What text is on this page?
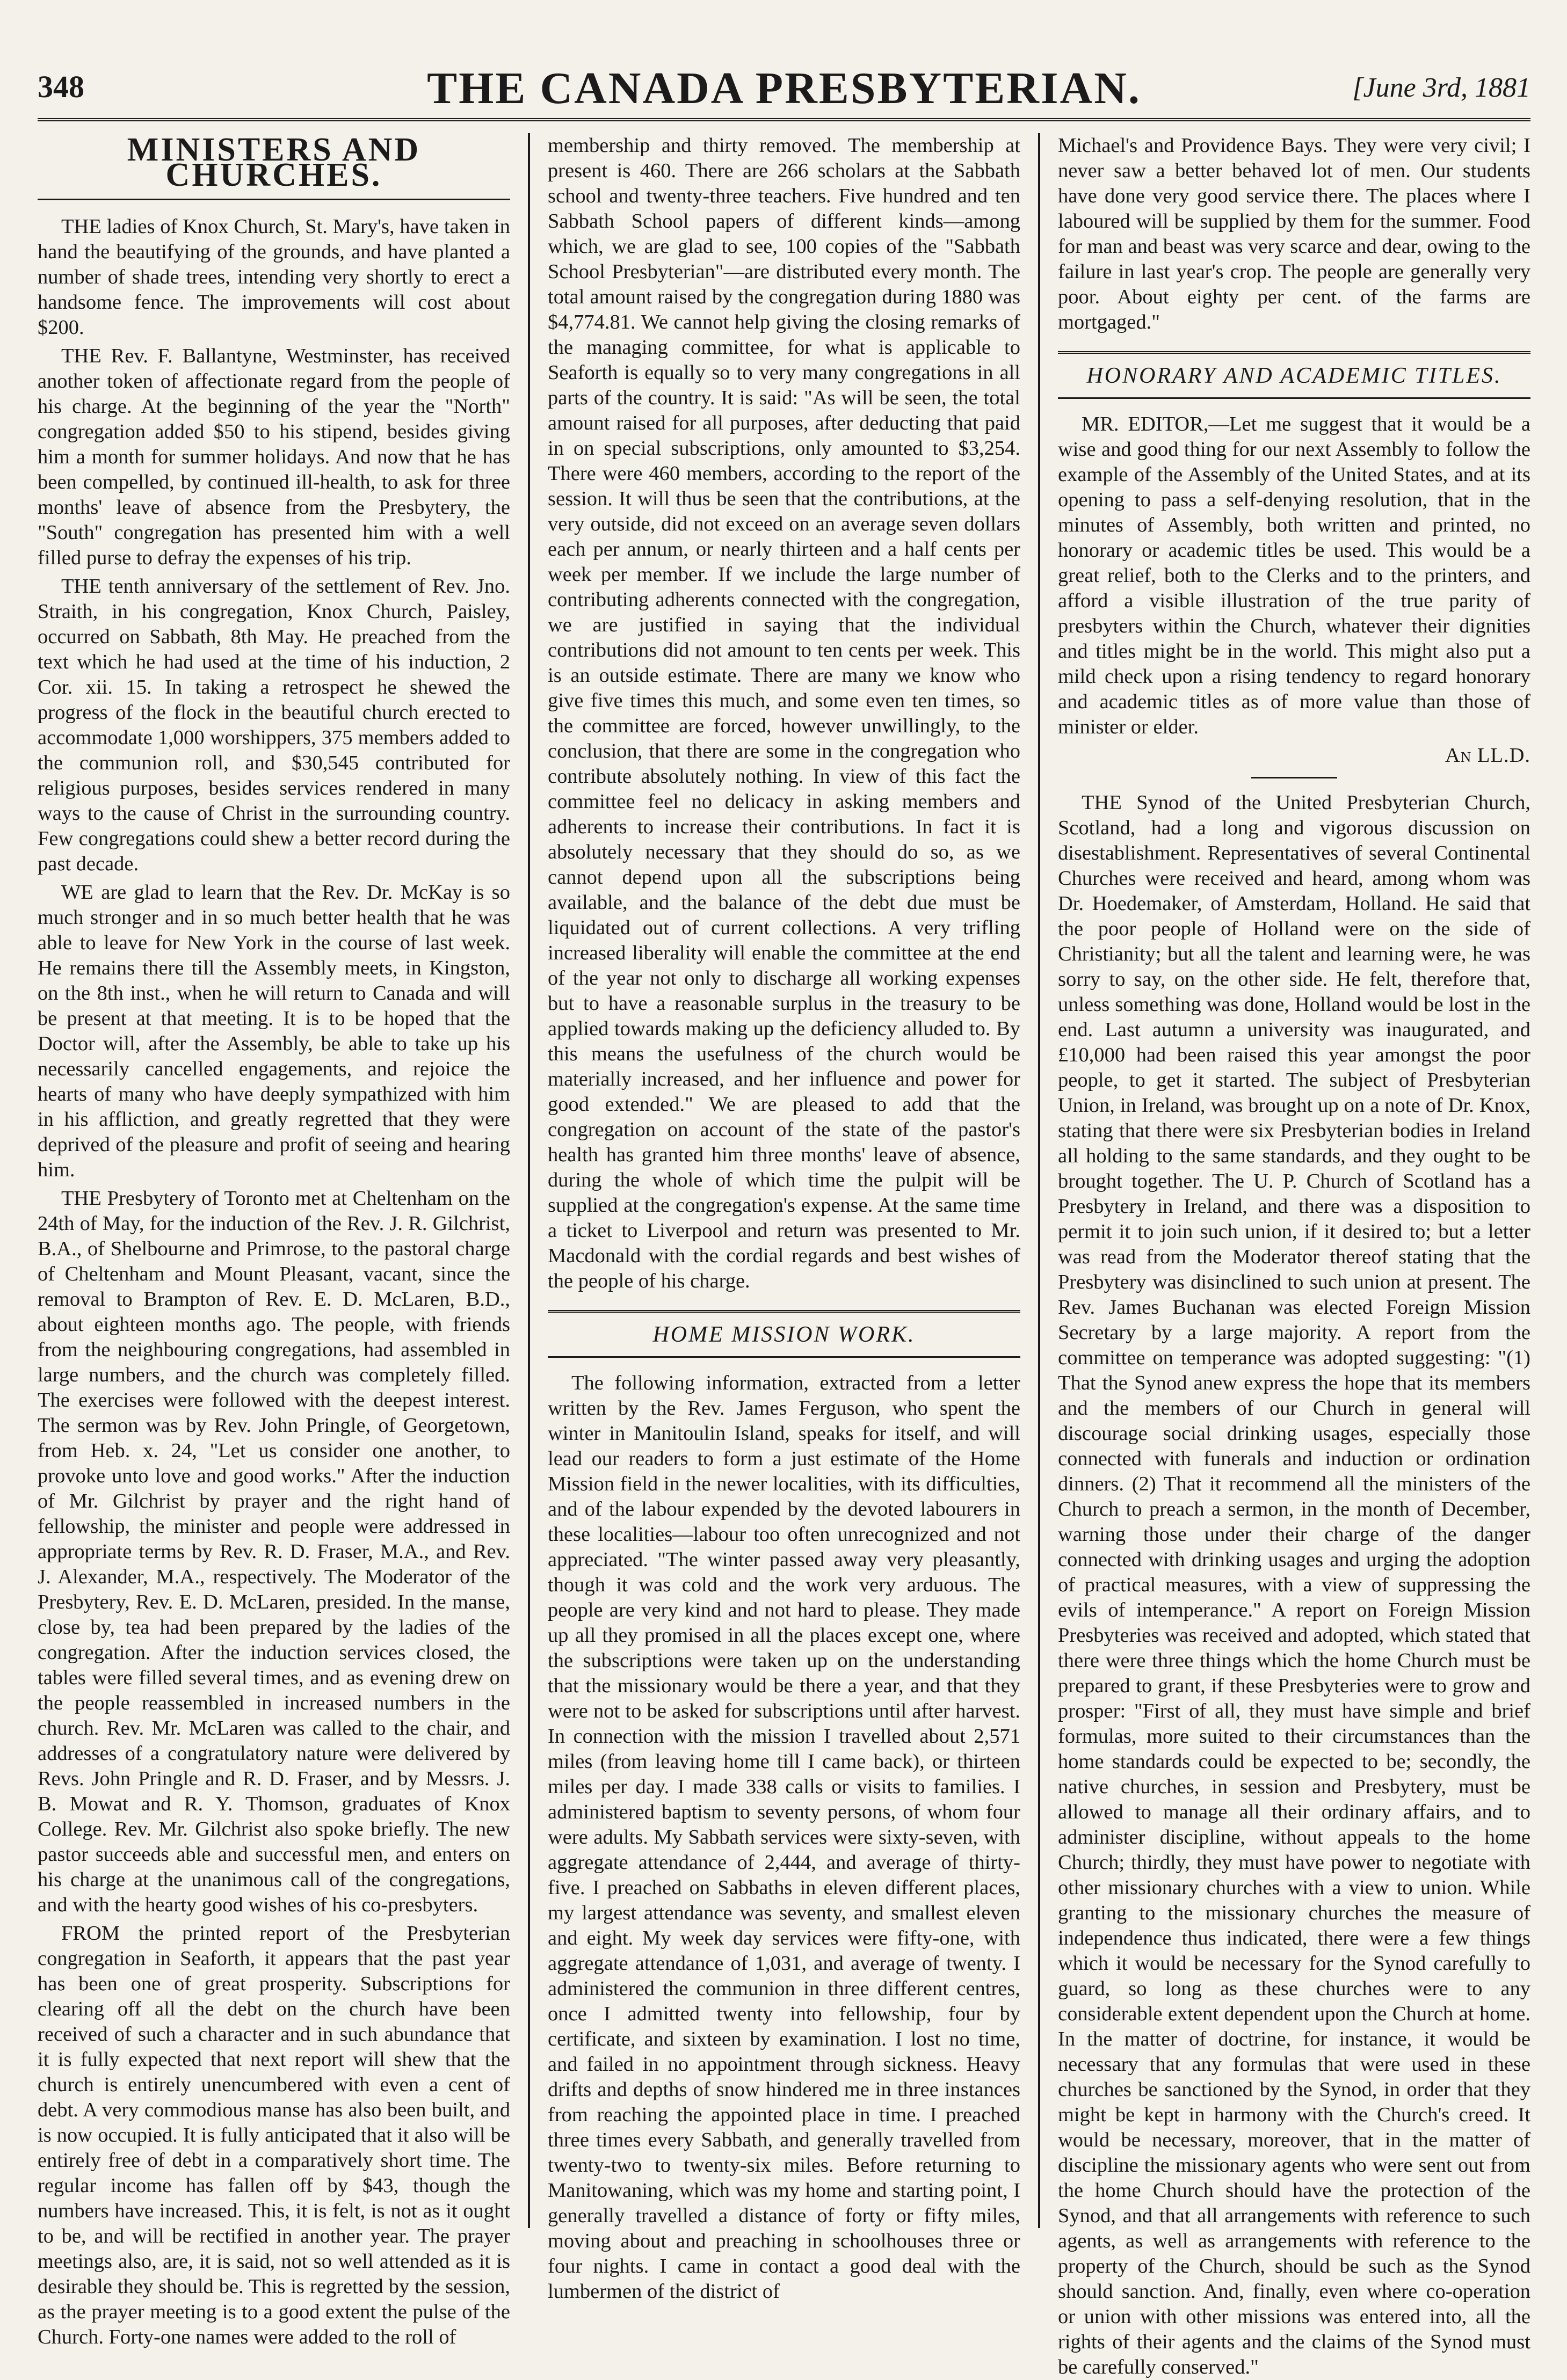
348	THE CANADA PRESBYTERIAN.	[June 3rd, 1881
MINISTERS AND CHURCHES.

THE ladies of Knox Church, St. Mary's, have taken in hand the beautifying of the grounds, and have planted a number of shade trees, intending very shortly to erect a handsome fence. The improvements will cost about $200.

THE Rev. F. Ballantyne, Westminster, has received another token of affectionate regard from the people of his charge. At the beginning of the year the "North" congregation added $50 to his stipend, besides giving him a month for summer holidays. And now that he has been compelled, by continued ill-health, to ask for three months' leave of absence from the Presbytery, the "South" congregation has presented him with a well filled purse to defray the expenses of his trip.

THE tenth anniversary of the settlement of Rev. Jno. Straith, in his congregation, Knox Church, Paisley, occurred on Sabbath, 8th May. He preached from the text which he had used at the time of his induction, 2 Cor. xii. 15. In taking a retrospect he shewed the progress of the flock in the beautiful church erected to accommodate 1,000 worshippers, 375 members added to the communion roll, and $30,545 contributed for religious purposes, besides services rendered in many ways to the cause of Christ in the surrounding country. Few congregations could shew a better record during the past decade.

WE are glad to learn that the Rev. Dr. McKay is so much stronger and in so much better health that he was able to leave for New York in the course of last week. He remains there till the Assembly meets, in Kingston, on the 8th inst., when he will return to Canada and will be present at that meeting. It is to be hoped that the Doctor will, after the Assembly, be able to take up his necessarily cancelled engagements, and rejoice the hearts of many who have deeply sympathized with him in his affliction, and greatly regretted that they were deprived of the pleasure and profit of seeing and hearing him.

THE Presbytery of Toronto met at Cheltenham on the 24th of May, for the induction of the Rev. J. R. Gilchrist, B.A., of Shelbourne and Primrose, to the pastoral charge of Cheltenham and Mount Pleasant, vacant, since the removal to Brampton of Rev. E. D. McLaren, B.D., about eighteen months ago. The people, with friends from the neighbouring congregations, had assembled in large numbers, and the church was completely filled. The exercises were followed with the deepest interest. The sermon was by Rev. John Pringle, of Georgetown, from Heb. x. 24, "Let us consider one another, to provoke unto love and good works." After the induction of Mr. Gilchrist by prayer and the right hand of fellowship, the minister and people were addressed in appropriate terms by Rev. R. D. Fraser, M.A., and Rev. J. Alexander, M.A., respectively. The Moderator of the Presbytery, Rev. E. D. McLaren, presided. In the manse, close by, tea had been prepared by the ladies of the congregation. After the induction services closed, the tables were filled several times, and as evening drew on the people reassembled in increased numbers in the church. Rev. Mr. McLaren was called to the chair, and addresses of a congratulatory nature were delivered by Revs. John Pringle and R. D. Fraser, and by Messrs. J. B. Mowat and R. Y. Thomson, graduates of Knox College. Rev. Mr. Gilchrist also spoke briefly. The new pastor succeeds able and successful men, and enters on his charge at the unanimous call of the congregations, and with the hearty good wishes of his co-presbyters.

FROM the printed report of the Presbyterian congregation in Seaforth, it appears that the past year has been one of great prosperity. Subscriptions for clearing off all the debt on the church have been received of such a character and in such abundance that it is fully expected that next report will shew that the church is entirely unencumbered with even a cent of debt. A very commodious manse has also been built, and is now occupied. It is fully anticipated that it also will be entirely free of debt in a comparatively short time. The regular income has fallen off by $43, though the numbers have increased. This, it is felt, is not as it ought to be, and will be rectified in another year. The prayer meetings also, are, it is said, not so well attended as it is desirable they should be. This is regretted by the session, as the prayer meeting is to a good extent the pulse of the Church. Forty-one names were added to the roll of

membership and thirty removed. The membership at present is 460. There are 266 scholars at the Sabbath school and twenty-three teachers. Five hundred and ten Sabbath School papers of different kinds—among which, we are glad to see, 100 copies of the "Sabbath School Presbyterian"—are distributed every month. The total amount raised by the congregation during 1880 was $4,774.81. We cannot help giving the closing remarks of the managing committee, for what is applicable to Seaforth is equally so to very many congregations in all parts of the country. It is said: "As will be seen, the total amount raised for all purposes, after deducting that paid in on special subscriptions, only amounted to $3,254. There were 460 members, according to the report of the session. It will thus be seen that the contributions, at the very outside, did not exceed on an average seven dollars each per annum, or nearly thirteen and a half cents per week per member. If we include the large number of contributing adherents connected with the congregation, we are justified in saying that the individual contributions did not amount to ten cents per week. This is an outside estimate. There are many we know who give five times this much, and some even ten times, so the committee are forced, however unwillingly, to the conclusion, that there are some in the congregation who contribute absolutely nothing. In view of this fact the committee feel no delicacy in asking members and adherents to increase their contributions. In fact it is absolutely necessary that they should do so, as we cannot depend upon all the subscriptions being available, and the balance of the debt due must be liquidated out of current collections. A very trifling increased liberality will enable the committee at the end of the year not only to discharge all working expenses but to have a reasonable surplus in the treasury to be applied towards making up the deficiency alluded to. By this means the usefulness of the church would be materially increased, and her influence and power for good extended." We are pleased to add that the congregation on account of the state of the pastor's health has granted him three months' leave of absence, during the whole of which time the pulpit will be supplied at the congregation's expense. At the same time a ticket to Liverpool and return was presented to Mr. Macdonald with the cordial regards and best wishes of the people of his charge.

HOME MISSION WORK.

The following information, extracted from a letter written by the Rev. James Ferguson, who spent the winter in Manitoulin Island, speaks for itself, and will lead our readers to form a just estimate of the Home Mission field in the newer localities, with its difficulties, and of the labour expended by the devoted labourers in these localities—labour too often unrecognized and not appreciated. "The winter passed away very pleasantly, though it was cold and the work very arduous. The people are very kind and not hard to please. They made up all they promised in all the places except one, where the subscriptions were taken up on the understanding that the missionary would be there a year, and that they were not to be asked for subscriptions until after harvest. In connection with the mission I travelled about 2,571 miles (from leaving home till I came back), or thirteen miles per day. I made 338 calls or visits to families. I administered baptism to seventy persons, of whom four were adults. My Sabbath services were sixty-seven, with aggregate attendance of 2,444, and average of thirty-five. I preached on Sabbaths in eleven different places, my largest attendance was seventy, and smallest eleven and eight. My week day services were fifty-one, with aggregate attendance of 1,031, and average of twenty. I administered the communion in three different centres, once I admitted twenty into fellowship, four by certificate, and sixteen by examination. I lost no time, and failed in no appointment through sickness. Heavy drifts and depths of snow hindered me in three instances from reaching the appointed place in time. I preached three times every Sabbath, and generally travelled from twenty-two to twenty-six miles. Before returning to Manitowaning, which was my home and starting point, I generally travelled a distance of forty or fifty miles, moving about and preaching in schoolhouses three or four nights. I came in contact a good deal with the lumbermen of the district of

Michael's and Providence Bays. They were very civil; I never saw a better behaved lot of men. Our students have done very good service there. The places where I laboured will be supplied by them for the summer. Food for man and beast was very scarce and dear, owing to the failure in last year's crop. The people are generally very poor. About eighty per cent. of the farms are mortgaged."

HONORARY AND ACADEMIC TITLES.

MR. EDITOR,—Let me suggest that it would be a wise and good thing for our next Assembly to follow the example of the Assembly of the United States, and at its opening to pass a self-denying resolution, that in the minutes of Assembly, both written and printed, no honorary or academic titles be used. This would be a great relief, both to the Clerks and to the printers, and afford a visible illustration of the true parity of presbyters within the Church, whatever their dignities and titles might be in the world. This might also put a mild check upon a rising tendency to regard honorary and academic titles as of more value than those of minister or elder.

An LL.D.

THE Synod of the United Presbyterian Church, Scotland, had a long and vigorous discussion on disestablishment. Representatives of several Continental Churches were received and heard, among whom was Dr. Hoedemaker, of Amsterdam, Holland. He said that the poor people of Holland were on the side of Christianity; but all the talent and learning were, he was sorry to say, on the other side. He felt, therefore that, unless something was done, Holland would be lost in the end. Last autumn a university was inaugurated, and £10,000 had been raised this year amongst the poor people, to get it started. The subject of Presbyterian Union, in Ireland, was brought up on a note of Dr. Knox, stating that there were six Presbyterian bodies in Ireland all holding to the same standards, and they ought to be brought together. The U. P. Church of Scotland has a Presbytery in Ireland, and there was a disposition to permit it to join such union, if it desired to; but a letter was read from the Moderator thereof stating that the Presbytery was disinclined to such union at present. The Rev. James Buchanan was elected Foreign Mission Secretary by a large majority. A report from the committee on temperance was adopted suggesting: "(1) That the Synod anew express the hope that its members and the members of our Church in general will discourage social drinking usages, especially those connected with funerals and induction or ordination dinners. (2) That it recommend all the ministers of the Church to preach a sermon, in the month of December, warning those under their charge of the danger connected with drinking usages and urging the adoption of practical measures, with a view of suppressing the evils of intemperance." A report on Foreign Mission Presbyteries was received and adopted, which stated that there were three things which the home Church must be prepared to grant, if these Presbyteries were to grow and prosper: "First of all, they must have simple and brief formulas, more suited to their circumstances than the home standards could be expected to be; secondly, the native churches, in session and Presbytery, must be allowed to manage all their ordinary affairs, and to administer discipline, without appeals to the home Church; thirdly, they must have power to negotiate with other missionary churches with a view to union. While granting to the missionary churches the measure of independence thus indicated, there were a few things which it would be necessary for the Synod carefully to guard, so long as these churches were to any considerable extent dependent upon the Church at home. In the matter of doctrine, for instance, it would be necessary that any formulas that were used in these churches be sanctioned by the Synod, in order that they might be kept in harmony with the Church's creed. It would be necessary, moreover, that in the matter of discipline the missionary agents who were sent out from the home Church should have the protection of the Synod, and that all arrangements with reference to such agents, as well as arrangements with reference to the property of the Church, should be such as the Synod should sanction. And, finally, even where co-operation or union with other missions was entered into, all the rights of their agents and the claims of the Synod must be carefully conserved."
